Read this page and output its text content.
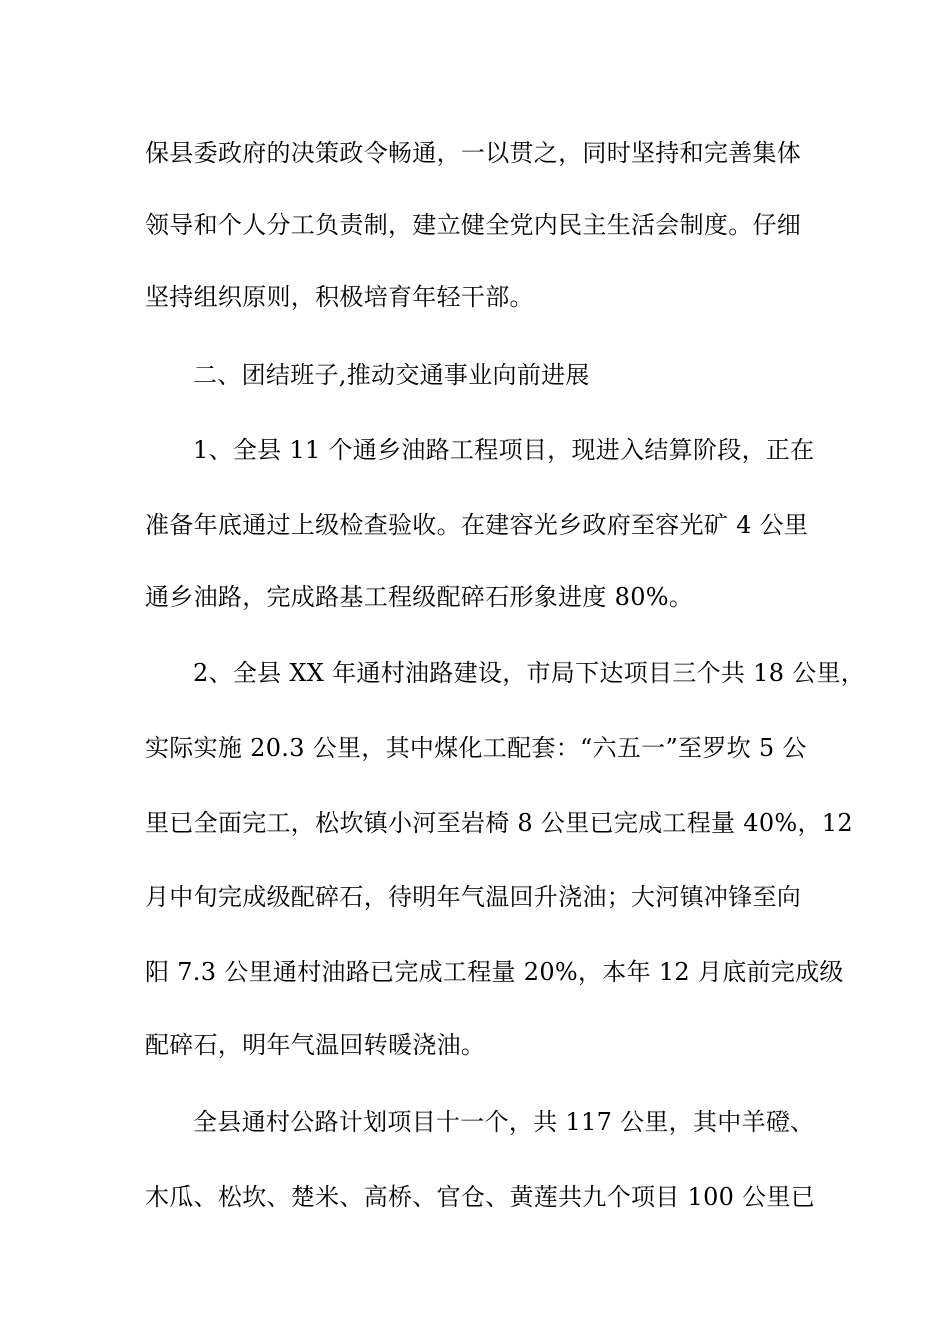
保县委政府的决策政令畅通，一以贯之，同时坚持和完善集体
领导和个人分工负责制，建立健全党内民主生活会制度。仔细
坚持组织原则，积极培育年轻干部。
二、团结班子,推动交通事业向前进展
1、全县 11 个通乡油路工程项目，现进入结算阶段，正在
准备年底通过上级检查验收。在建容光乡政府至容光矿 4 公里
通乡油路，完成路基工程级配碎石形象进度 80%。
2、全县 XX 年通村油路建设，市局下达项目三个共 18 公里，
实际实施 20.3 公里，其中煤化工配套：“六五一”至罗坎 5 公
里已全面完工，松坎镇小河至岩椅 8 公里已完成工程量 40%，12
月中旬完成级配碎石，待明年气温回升浇油；大河镇冲锋至向
阳 7.3 公里通村油路已完成工程量 20%，本年 12 月底前完成级
配碎石，明年气温回转暖浇油。
全县通村公路计划项目十一个，共 117 公里，其中羊磴、
木瓜、松坎、楚米、高桥、官仓、黄莲共九个项目 100 公里已
